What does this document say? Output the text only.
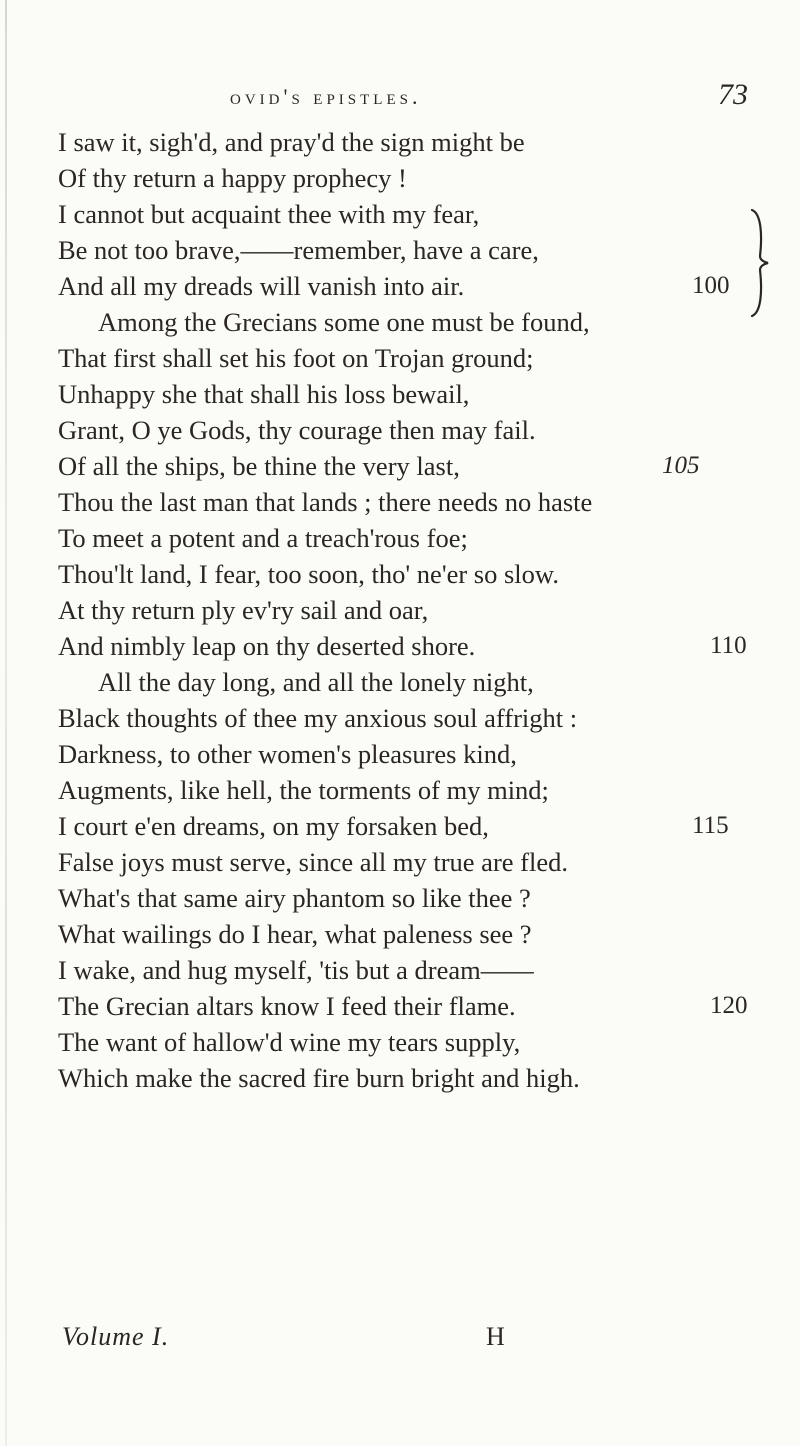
ovid's epistles.	73
I saw it, sigh'd, and pray'd the sign might be
Of thy return a happy prophecy !
I cannot but acquaint thee with my fear,
Be not too brave,——remember, have a care,
And all my dreads will vanish into air.	100
Among the Grecians some one must be found,
That first shall set his foot on Trojan ground;
Unhappy she that shall his loss bewail,
Grant, O ye Gods, thy courage then may fail.
Of all the ships, be thine the very last,	105
Thou the last man that lands ; there needs no haste
To meet a potent and a treach'rous foe;
Thou'lt land, I fear, too soon, tho' ne'er so slow.
At thy return ply ev'ry sail and oar,
And nimbly leap on thy deserted shore.	110
All the day long, and all the lonely night,
Black thoughts of thee my anxious soul affright :
Darkness, to other women's pleasures kind,
Augments, like hell, the torments of my mind;
I court e'en dreams, on my forsaken bed,	115
False joys must serve, since all my true are fled.
What's that same airy phantom so like thee ?
What wailings do I hear, what paleness see ?
I wake, and hug myself, 'tis but a dream——
The Grecian altars know I feed their flame.	120
The want of hallow'd wine my tears supply,
Which make the sacred fire burn bright and high.
Volume I.	H
